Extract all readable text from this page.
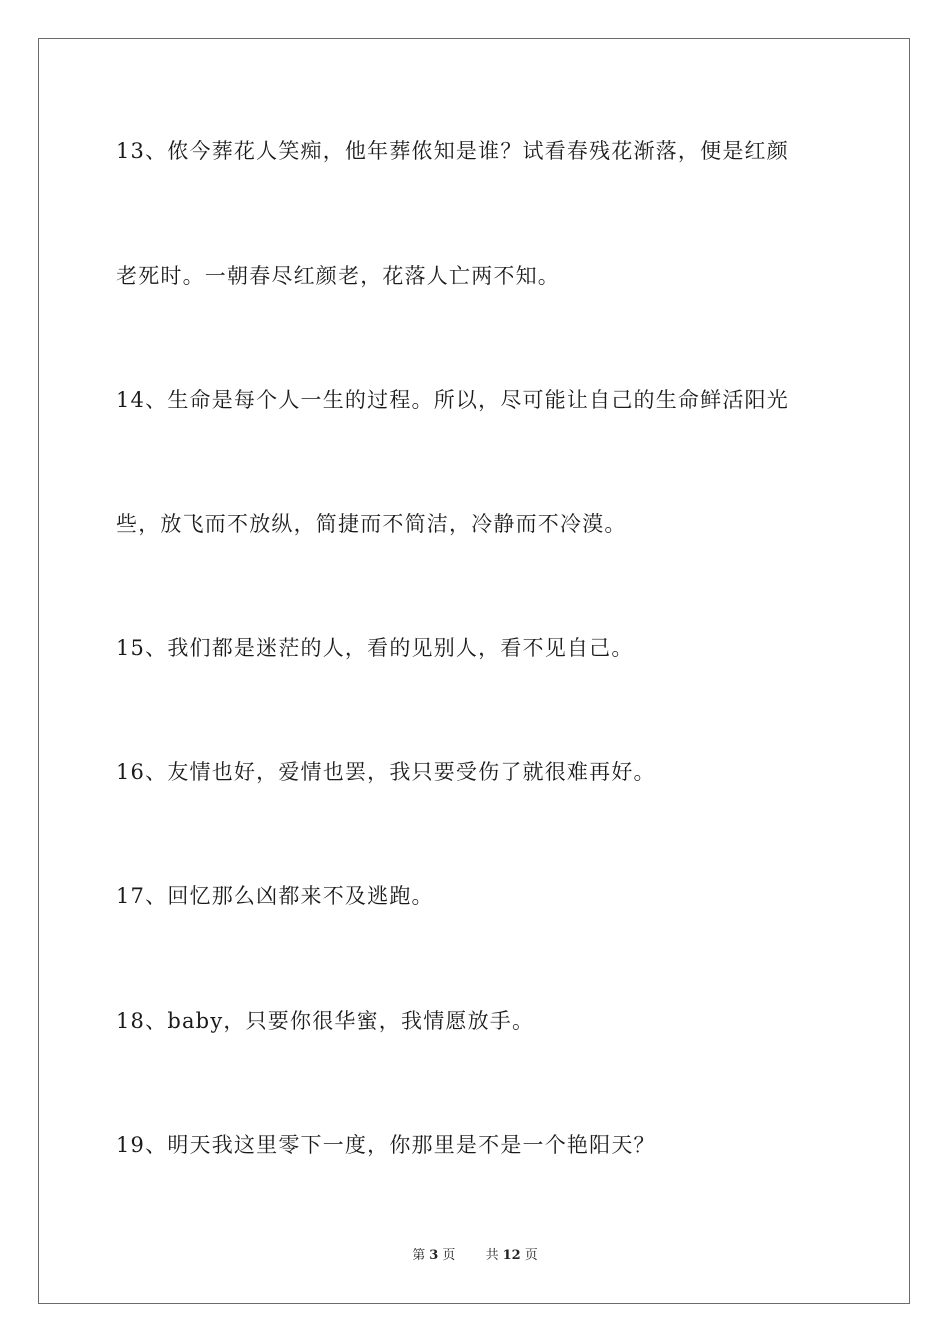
13、侬今葬花人笑痴，他年葬侬知是谁？试看春残花渐落，便是红颜
老死时。一朝春尽红颜老，花落人亡两不知。
14、生命是每个人一生的过程。所以，尽可能让自己的生命鲜活阳光
些，放飞而不放纵，简捷而不简洁，冷静而不冷漠。
15、我们都是迷茫的人，看的见别人，看不见自己。
16、友情也好，爱情也罢，我只要受伤了就很难再好。
17、回忆那么凶都来不及逃跑。
18、baby，只要你很华蜜，我情愿放手。
19、明天我这里零下一度，你那里是不是一个艳阳天？
第 3 页 共 12 页
